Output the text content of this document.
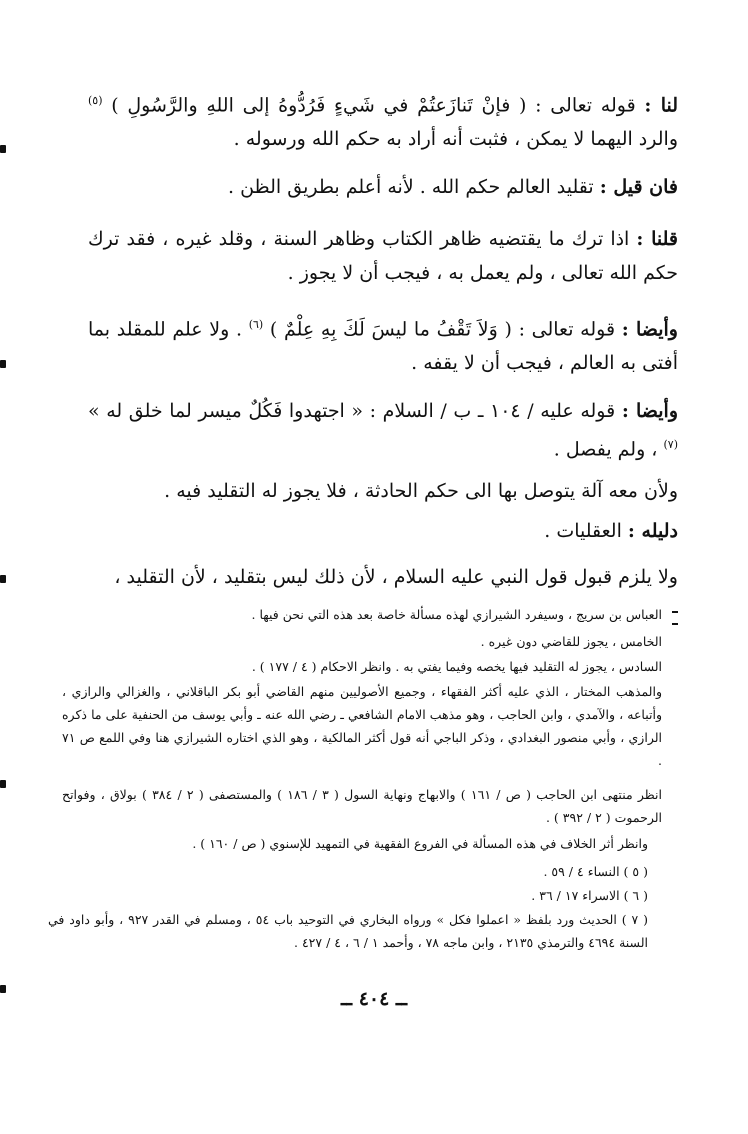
لنا : قوله تعالى : ( فإنْ تَنازَعتُمْ في شَيءٍ فَرُدُّوهُ إلى اللهِ والرَّسُولِ ) $^{(٥)}$ والرد اليهما لا يمكن ، فثبت أنه أراد به حكم الله ورسوله .
فان قيل : تقليد العالم حكم الله . لأنه أعلم بطريق الظن .
قلنا : اذا ترك ما يقتضيه ظاهر الكتاب وظاهر السنة ، وقلد غيره ، فقد ترك حكم الله تعالى ، ولم يعمل به ، فيجب أن لا يجوز .
وأيضا : قوله تعالى : ( وَلاَ تَقْفُ ما ليسَ لَكَ بِهِ عِلْمٌ ) $^{(٦)}$ . ولا علم للمقلد بما أفتى به العالم ، فيجب أن لا يقفه .
وأيضا : قوله عليه / ١٠٤ ـ ب / السلام : « اجتهدوا فَكُلٌ ميسر لما خلق له » $^{(٧)}$ ، ولم يفصل .
ولأن معه آلة يتوصل بها الى حكم الحادثة ، فلا يجوز له التقليد فيه .
دليله : العقليات .
ولا يلزم قبول قول النبي عليه السلام ، لأن ذلك ليس بتقليد ، لأن التقليد ،
العباس بن سريج ، وسيفرد الشيرازي لهذه مسألة خاصة بعد هذه التي نحن فيها .
الخامس ، يجوز للقاضي دون غيره .
السادس ، يجوز له التقليد فيها يخصه وفيما يفتي به . وانظر الاحكام ( ٤ / ١٧٧ ) .
والمذهب المختار ، الذي عليه أكثر الفقهاء ، وجميع الأصوليين منهم القاضي أبو بكر الباقلاني ، والغزالي والرازي ، وأتباعه ، والآمدي ، وابن الحاجب ، وهو مذهب الامام الشافعي ـ رضي الله عنه ـ وأبي يوسف من الحنفية على ما ذكره الرازي ، وأبي منصور البغدادي ، وذكر الباجي أنه قول أكثر المالكية ، وهو الذي اختاره الشيرازي هنا وفي اللمع ص ٧١ .
انظر منتهى ابن الحاجب ( ص / ١٦١ ) والابهاج ونهاية السول ( ٣ / ١٨٦ ) والمستصفى ( ٢ / ٣٨٤ ) بولاق ، وفواتح الرحموت ( ٢ / ٣٩٢ ) .
وانظر أثر الخلاف في هذه المسألة في الفروع الفقهية في التمهيد للإسنوي ( ص / ١٦٠ ) .
( ٥ ) النساء ٤ / ٥٩ .
( ٦ ) الاسراء ١٧ / ٣٦ .
( ٧ ) الحديث ورد بلفظ « اعملوا فكل » ورواه البخاري في التوحيد باب ٥٤ ، ومسلم في القدر ٩٢٧ ، وأبو داود في السنة ٤٦٩٤ والترمذي ٢١٣٥ ، وابن ماجه ٧٨ ، وأحمد ١ / ٦ ، ٤ / ٤٢٧ .
ــ ٤٠٤ ــ
